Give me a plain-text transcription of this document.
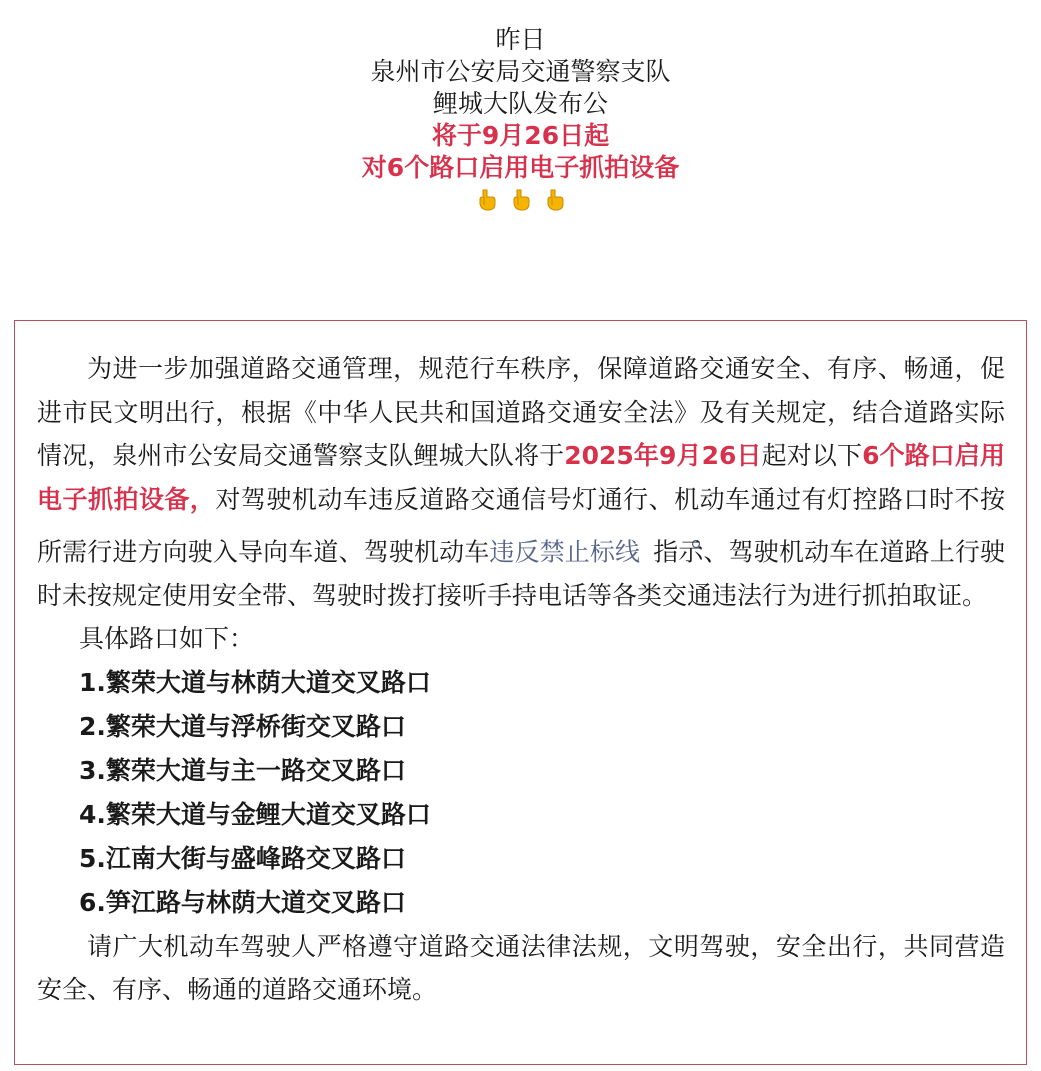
昨日
泉州市公安局交通警察支队
鲤城大队发布公
将于9月26日起
对6个路口启用电子抓拍设备

为进一步加强道路交通管理，规范行车秩序，保障道路交通安全、有序、畅通，促进市民文明出行，根据《中华人民共和国道路交通安全法》及有关规定，结合道路实际情况，泉州市公安局交通警察支队鲤城大队将于2025年9月26日起对以下6个路口启用电子抓拍设备，对驾驶机动车违反道路交通信号灯通行、机动车通过有灯控路口时不按所需行进方向驶入导向车道、驾驶机动车违反禁止标线 指示、驾驶机动车在道路上行驶时未按规定使用安全带、驾驶时拨打接听手持电话等各类交通违法行为进行抓拍取证。

具体路口如下：

1.繁荣大道与林荫大道交叉路口

2.繁荣大道与浮桥街交叉路口

3.繁荣大道与主一路交叉路口

4.繁荣大道与金鲤大道交叉路口

5.江南大街与盛峰路交叉路口

6.笋江路与林荫大道交叉路口

请广大机动车驾驶人严格遵守道路交通法律法规，文明驾驶，安全出行，共同营造安全、有序、畅通的道路交通环境。
